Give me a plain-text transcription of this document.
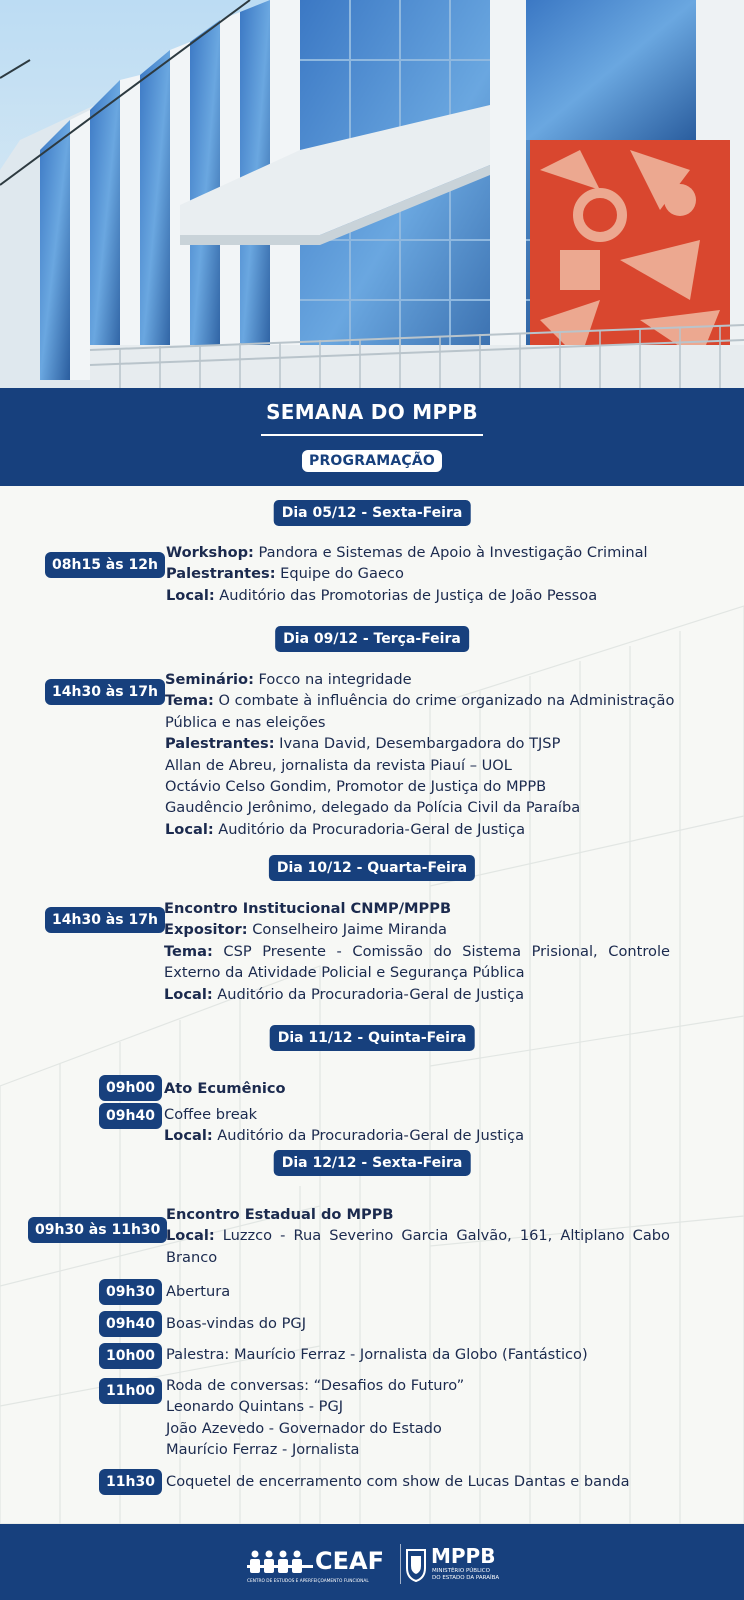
SEMANA DO MPPB
PROGRAMAÇÃO
Dia 05/12 - Sexta-Feira
08h15 às 12h
Workshop: Pandora e Sistemas de Apoio à Investigação Criminal
Palestrantes: Equipe do Gaeco
Local: Auditório das Promotorias de Justiça de João Pessoa
Dia 09/12 - Terça-Feira
14h30 às 17h
Seminário: Focco na integridade
Tema: O combate à influência do crime organizado na Administração Pública e nas eleições
Palestrantes: Ivana David, Desembargadora do TJSP
Allan de Abreu, jornalista da revista Piauí – UOL
Octávio Celso Gondim, Promotor de Justiça do MPPB
Gaudêncio Jerônimo, delegado da Polícia Civil da Paraíba
Local: Auditório da Procuradoria-Geral de Justiça
Dia 10/12 - Quarta-Feira
14h30 às 17h
Encontro Institucional CNMP/MPPB
Expositor: Conselheiro Jaime Miranda
Tema: CSP Presente - Comissão do Sistema Prisional, Controle Externo da Atividade Policial e Segurança Pública
Local: Auditório da Procuradoria-Geral de Justiça
Dia 11/12 - Quinta-Feira
09h00 Ato Ecumênico
09h40 Coffee break
Local: Auditório da Procuradoria-Geral de Justiça
Dia 12/12 - Sexta-Feira
09h30 às 11h30
Encontro Estadual do MPPB
Local: Luzzco - Rua Severino Garcia Galvão, 161, Altiplano Cabo Branco
09h30 Abertura
09h40 Boas-vindas do PGJ
10h00 Palestra: Maurício Ferraz - Jornalista da Globo (Fantástico)
11h00 Roda de conversas: “Desafios do Futuro”
Leonardo Quintans - PGJ
João Azevedo - Governador do Estado
Maurício Ferraz - Jornalista
11h30 Coquetel de encerramento com show de Lucas Dantas e banda
CEAF
CENTRO DE ESTUDOS E APERFEIÇOAMENTO FUNCIONAL
MPPB
MINISTÉRIO PÚBLICO
DO ESTADO DA PARAÍBA
